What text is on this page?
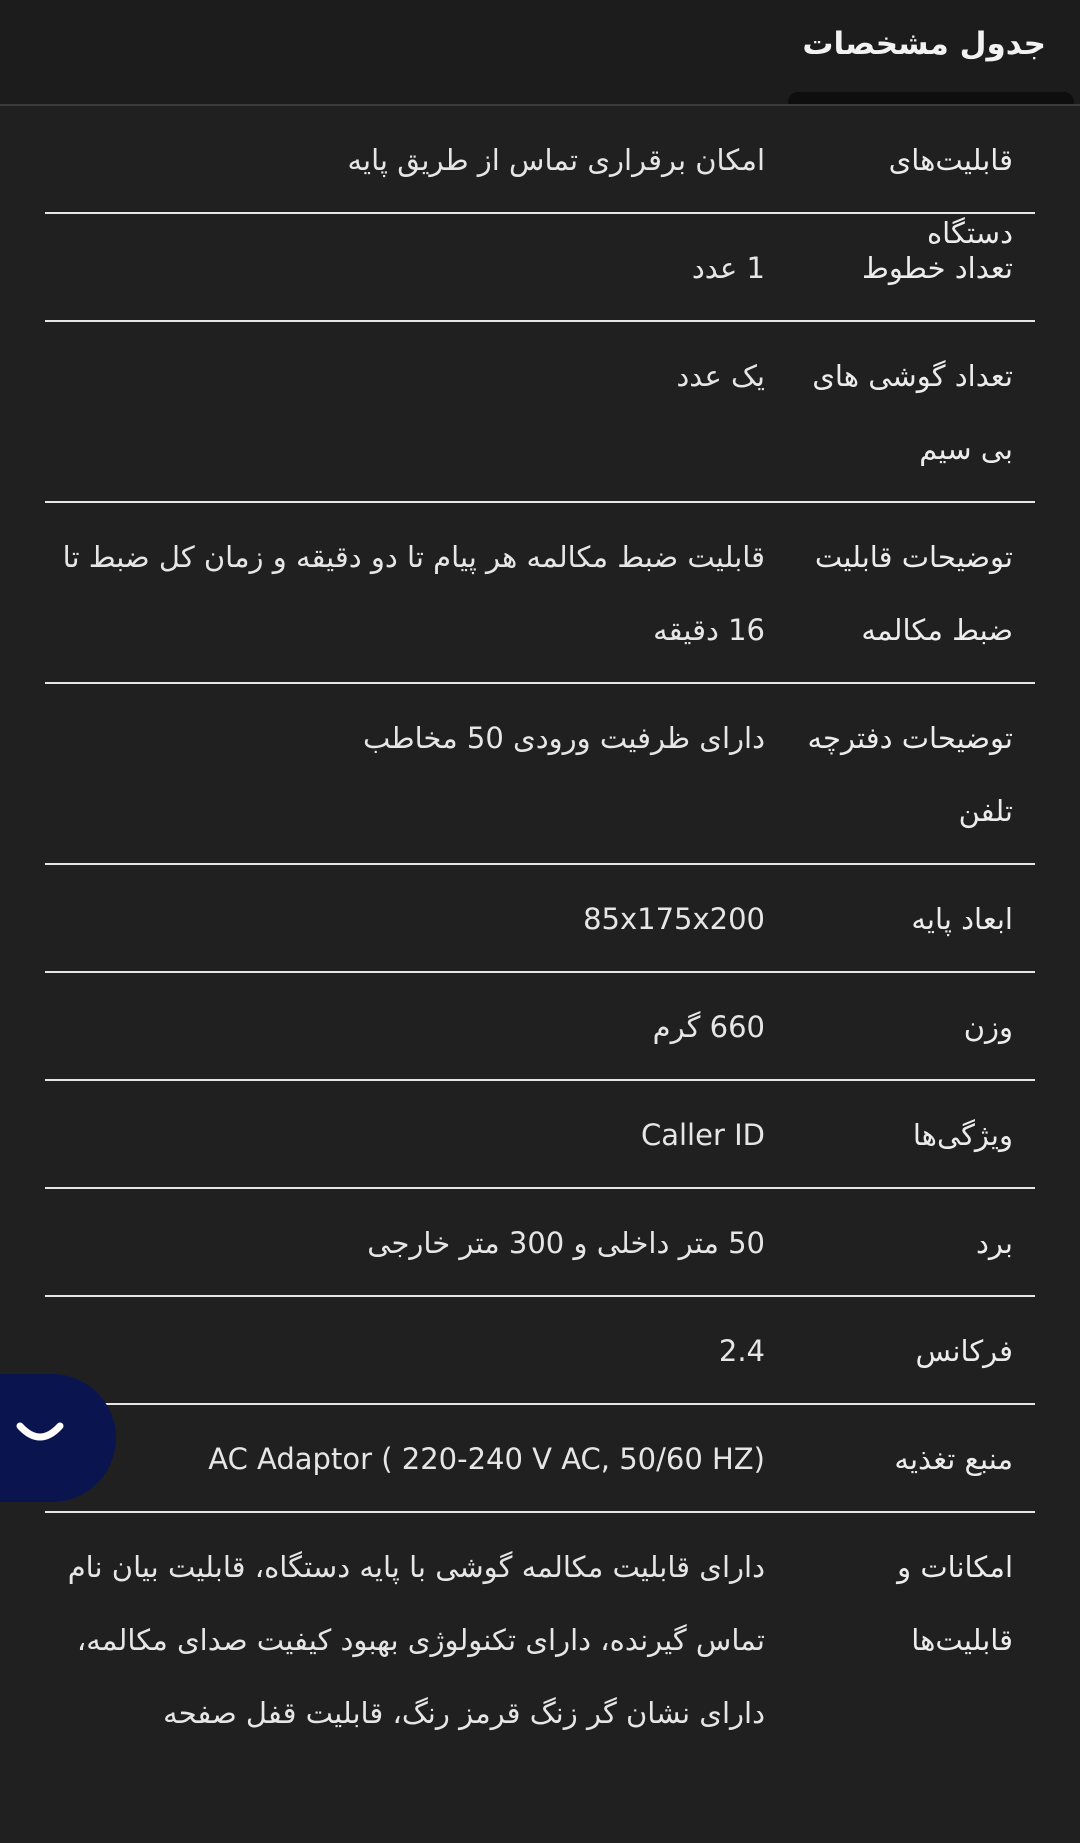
جدول مشخصات
قابلیت‌های دستگاه
امکان برقراری تماس از طریق پایه
تعداد خطوط
1 عدد
تعداد گوشی های بی سیم
یک عدد
توضیحات قابلیت ضبط مکالمه
قابلیت ضبط مکالمه هر پیام تا دو دقیقه و زمان کل ضبط تا 16 دقیقه
توضیحات دفترچه تلفن
دارای ظرفیت ورودی 50 مخاطب
ابعاد پایه
85x175x200
وزن
660 گرم
ویژگی‌ها
Caller ID
برد
50 متر داخلی و 300 متر خارجی
فرکانس
2.4
منبع تغذیه
AC Adaptor ( 220-240 V AC, 50/60 HZ)
امکانات و قابلیت‌ها
دارای قابلیت مکالمه گوشی با پایه دستگاه، قابلیت بیان نام تماس گیرنده، دارای تکنولوژی بهبود کیفیت صدای مکالمه، دارای نشان گر زنگ قرمز رنگ، قابلیت قفل صفحه
